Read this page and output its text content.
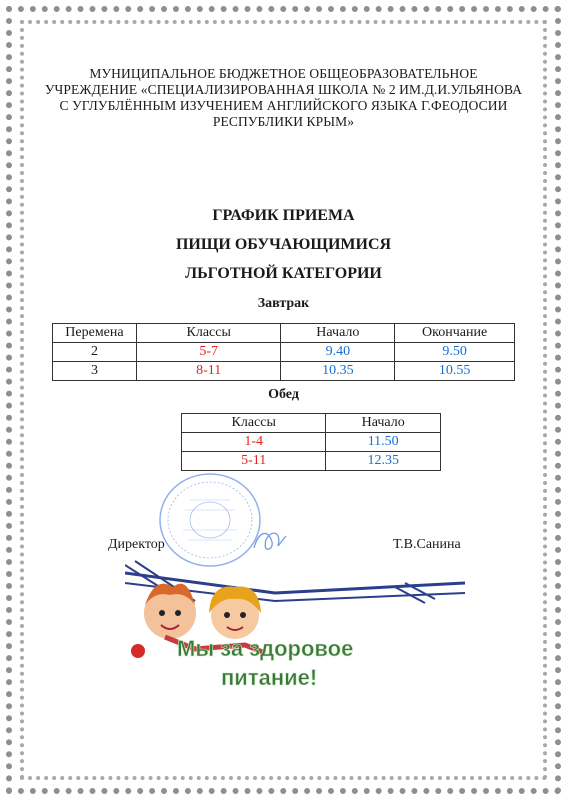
МУНИЦИПАЛЬНОЕ БЮДЖЕТНОЕ ОБЩЕОБРАЗОВАТЕЛЬНОЕ
УЧРЕЖДЕНИЕ «СПЕЦИАЛИЗИРОВАННАЯ ШКОЛА № 2 ИМ.Д.И.УЛЬЯНОВА
С УГЛУБЛЁННЫМ ИЗУЧЕНИЕМ АНГЛИЙСКОГО ЯЗЫКА Г.ФЕОДОСИИ
РЕСПУБЛИКИ КРЫМ»
ГРАФИК ПРИЕМА
ПИЩИ ОБУЧАЮЩИМИСЯ
ЛЬГОТНОЙ КАТЕГОРИИ
Завтрак
Перемена	Классы	Начало	Окончание
2	5-7	9.40	9.50
3	8-11	10.35	10.55
Обед
Классы	Начало
1-4	11.50
5-11	12.35
Директор	Т.В.Санина
Мы за здоровое
питание!
